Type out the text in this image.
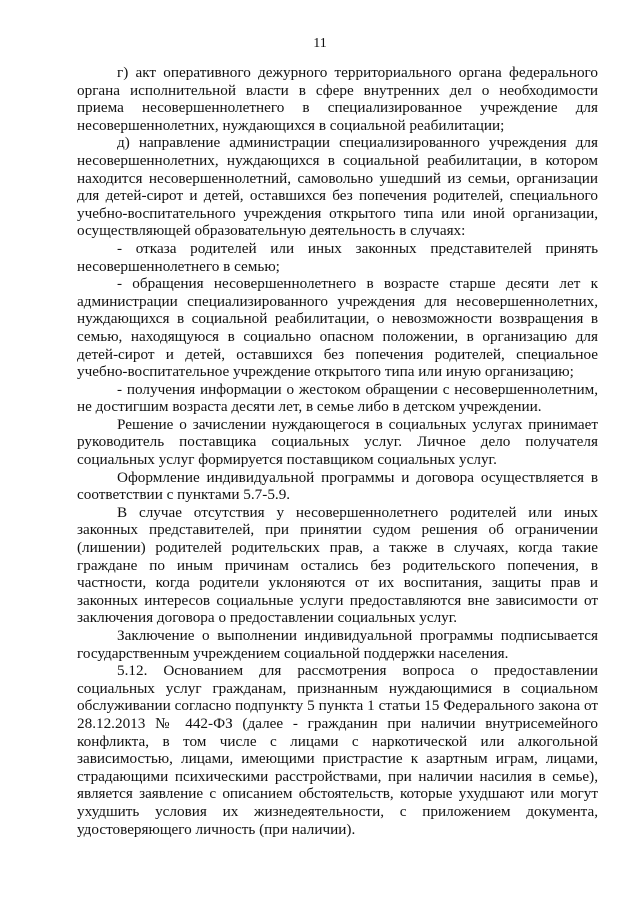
11

г) акт оперативного дежурного территориального органа федерального органа исполнительной власти в сфере внутренних дел о необходимости приема несовершеннолетнего в специализированное учреждение для несовершеннолетних, нуждающихся в социальной реабилитации;

д) направление администрации специализированного учреждения для несовершеннолетних, нуждающихся в социальной реабилитации, в котором находится несовершеннолетний, самовольно ушедший из семьи, организации для детей-сирот и детей, оставшихся без попечения родителей, специального учебно-воспитательного учреждения открытого типа или иной организации, осуществляющей образовательную деятельность в случаях:

- отказа родителей или иных законных представителей принять несовершеннолетнего в семью;

- обращения несовершеннолетнего в возрасте старше десяти лет к администрации специализированного учреждения для несовершеннолетних, нуждающихся в социальной реабилитации, о невозможности возвращения в семью, находящуюся в социально опасном положении, в организацию для детей-сирот и детей, оставшихся без попечения родителей, специальное учебно-воспитательное учреждение открытого типа или иную организацию;

- получения информации о жестоком обращении с несовершеннолетним, не достигшим возраста десяти лет, в семье либо в детском учреждении.

Решение о зачислении нуждающегося в социальных услугах принимает руководитель поставщика социальных услуг. Личное дело получателя социальных услуг формируется поставщиком социальных услуг.

Оформление индивидуальной программы и договора осуществляется в соответствии с пунктами 5.7-5.9.

В случае отсутствия у несовершеннолетнего родителей или иных законных представителей, при принятии судом решения об ограничении (лишении) родителей родительских прав, а также в случаях, когда такие граждане по иным причинам остались без родительского попечения, в частности, когда родители уклоняются от их воспитания, защиты прав и законных интересов социальные услуги предоставляются вне зависимости от заключения договора о предоставлении социальных услуг.

Заключение о выполнении индивидуальной программы подписывается государственным учреждением социальной поддержки населения.

5.12. Основанием для рассмотрения вопроса о предоставлении социальных услуг гражданам, признанным нуждающимися в социальном обслуживании согласно подпункту 5 пункта 1 статьи 15 Федерального закона от 28.12.2013 № 442-ФЗ (далее - гражданин при наличии внутрисемейного конфликта, в том числе с лицами с наркотической или алкогольной зависимостью, лицами, имеющими пристрастие к азартным играм, лицами, страдающими психическими расстройствами, при наличии насилия в семье), является заявление с описанием обстоятельств, которые ухудшают или могут ухудшить условия их жизнедеятельности, с приложением документа, удостоверяющего личность (при наличии).
